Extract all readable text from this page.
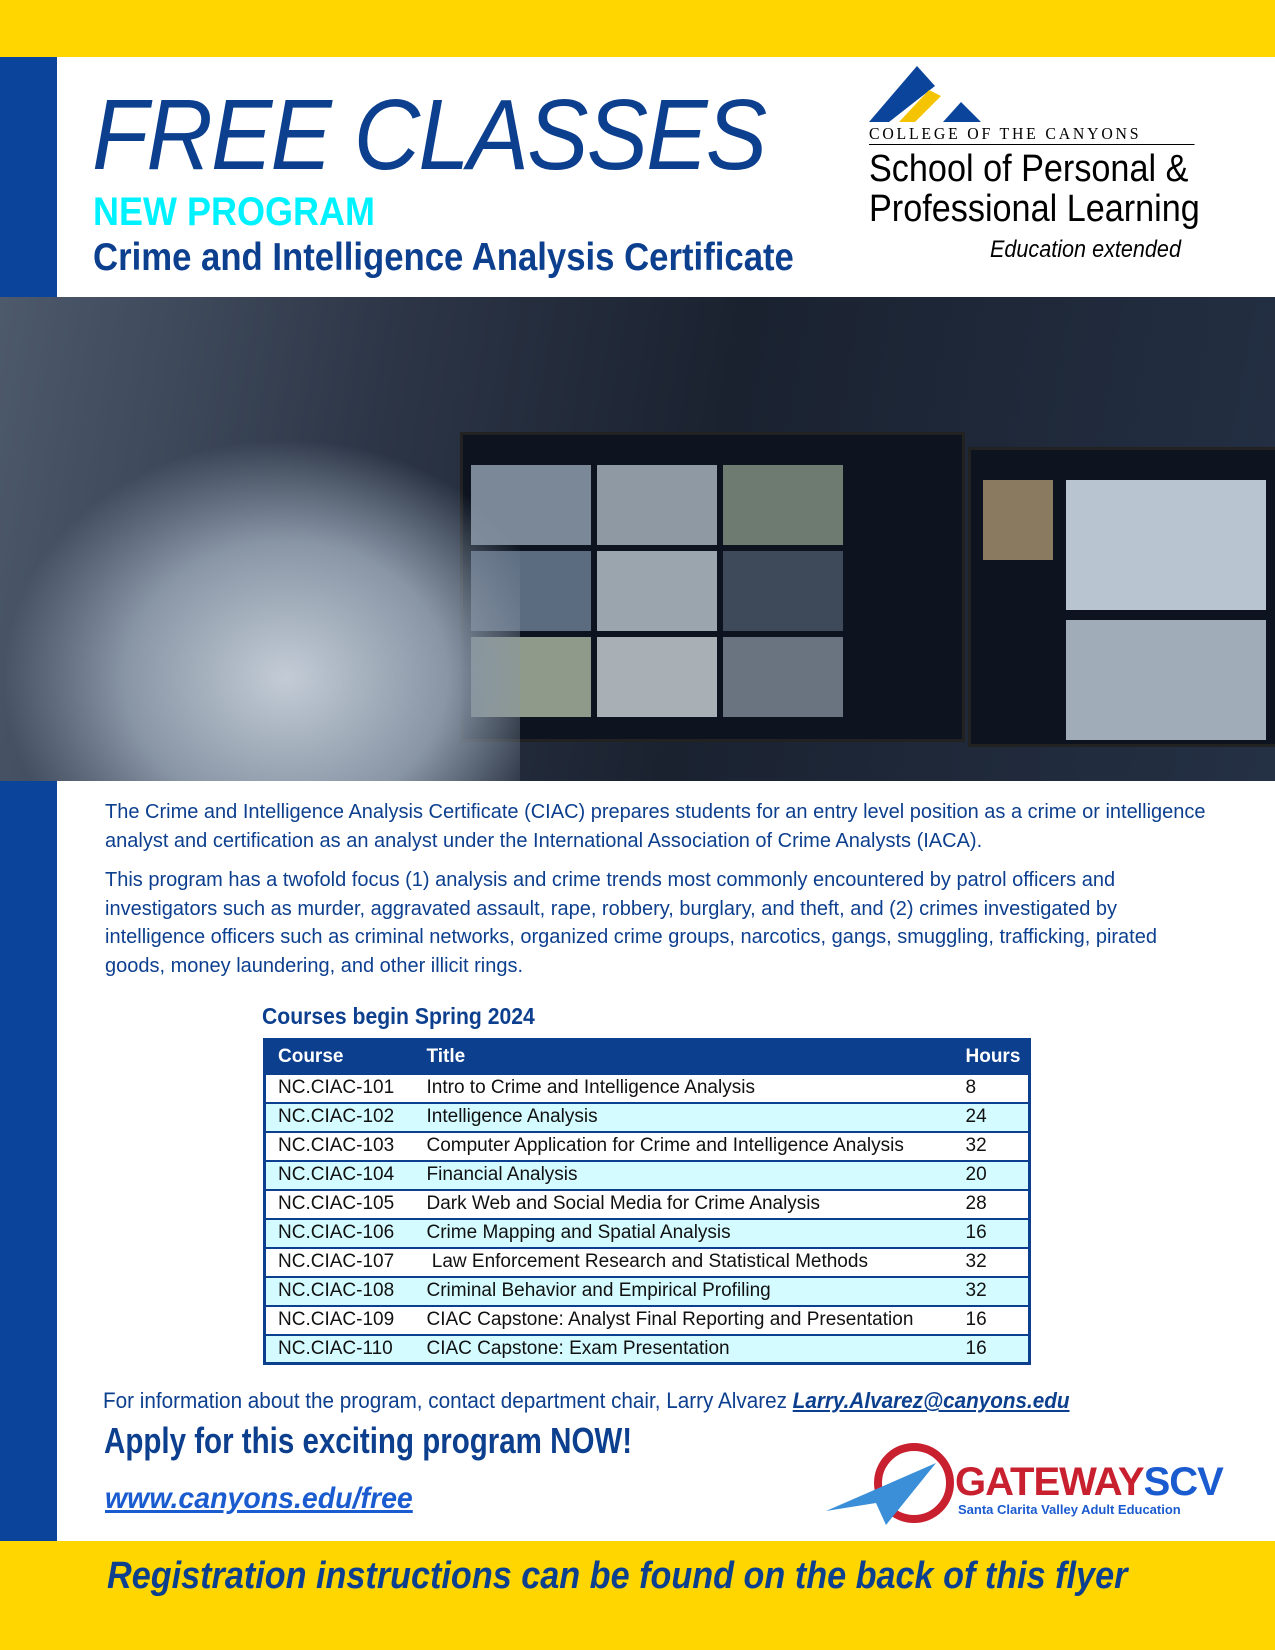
FREE CLASSES
NEW PROGRAM
Crime and Intelligence Analysis Certificate
COLLEGE OF THE CANYONS
School of Personal &
Professional Learning
Education extended
The Crime and Intelligence Analysis Certificate (CIAC) prepares students for an entry level position as a crime or intelligence analyst and certification as an analyst under the International Association of Crime Analysts (IACA).
This program has a twofold focus (1) analysis and crime trends most commonly encountered by patrol officers and investigators such as murder, aggravated assault, rape, robbery, burglary, and theft, and (2) crimes investigated by intelligence officers such as criminal networks, organized crime groups, narcotics, gangs, smuggling, trafficking, pirated goods, money laundering, and other illicit rings.
Courses begin Spring 2024
Course	Title	Hours
NC.CIAC-101	Intro to Crime and Intelligence Analysis	8
NC.CIAC-102	Intelligence Analysis	24
NC.CIAC-103	Computer Application for Crime and Intelligence Analysis	32
NC.CIAC-104	Financial Analysis	20
NC.CIAC-105	Dark Web and Social Media for Crime Analysis	28
NC.CIAC-106	Crime Mapping and Spatial Analysis	16
NC.CIAC-107	Law Enforcement Research and Statistical Methods	32
NC.CIAC-108	Criminal Behavior and Empirical Profiling	32
NC.CIAC-109	CIAC Capstone: Analyst Final Reporting and Presentation	16
NC.CIAC-110	CIAC Capstone: Exam Presentation	16
For information about the program, contact department chair, Larry Alvarez Larry.Alvarez@canyons.edu
Apply for this exciting program NOW!
www.canyons.edu/free	GATEWAYSCV
Santa Clarita Valley Adult Education
Registration instructions can be found on the back of this flyer
